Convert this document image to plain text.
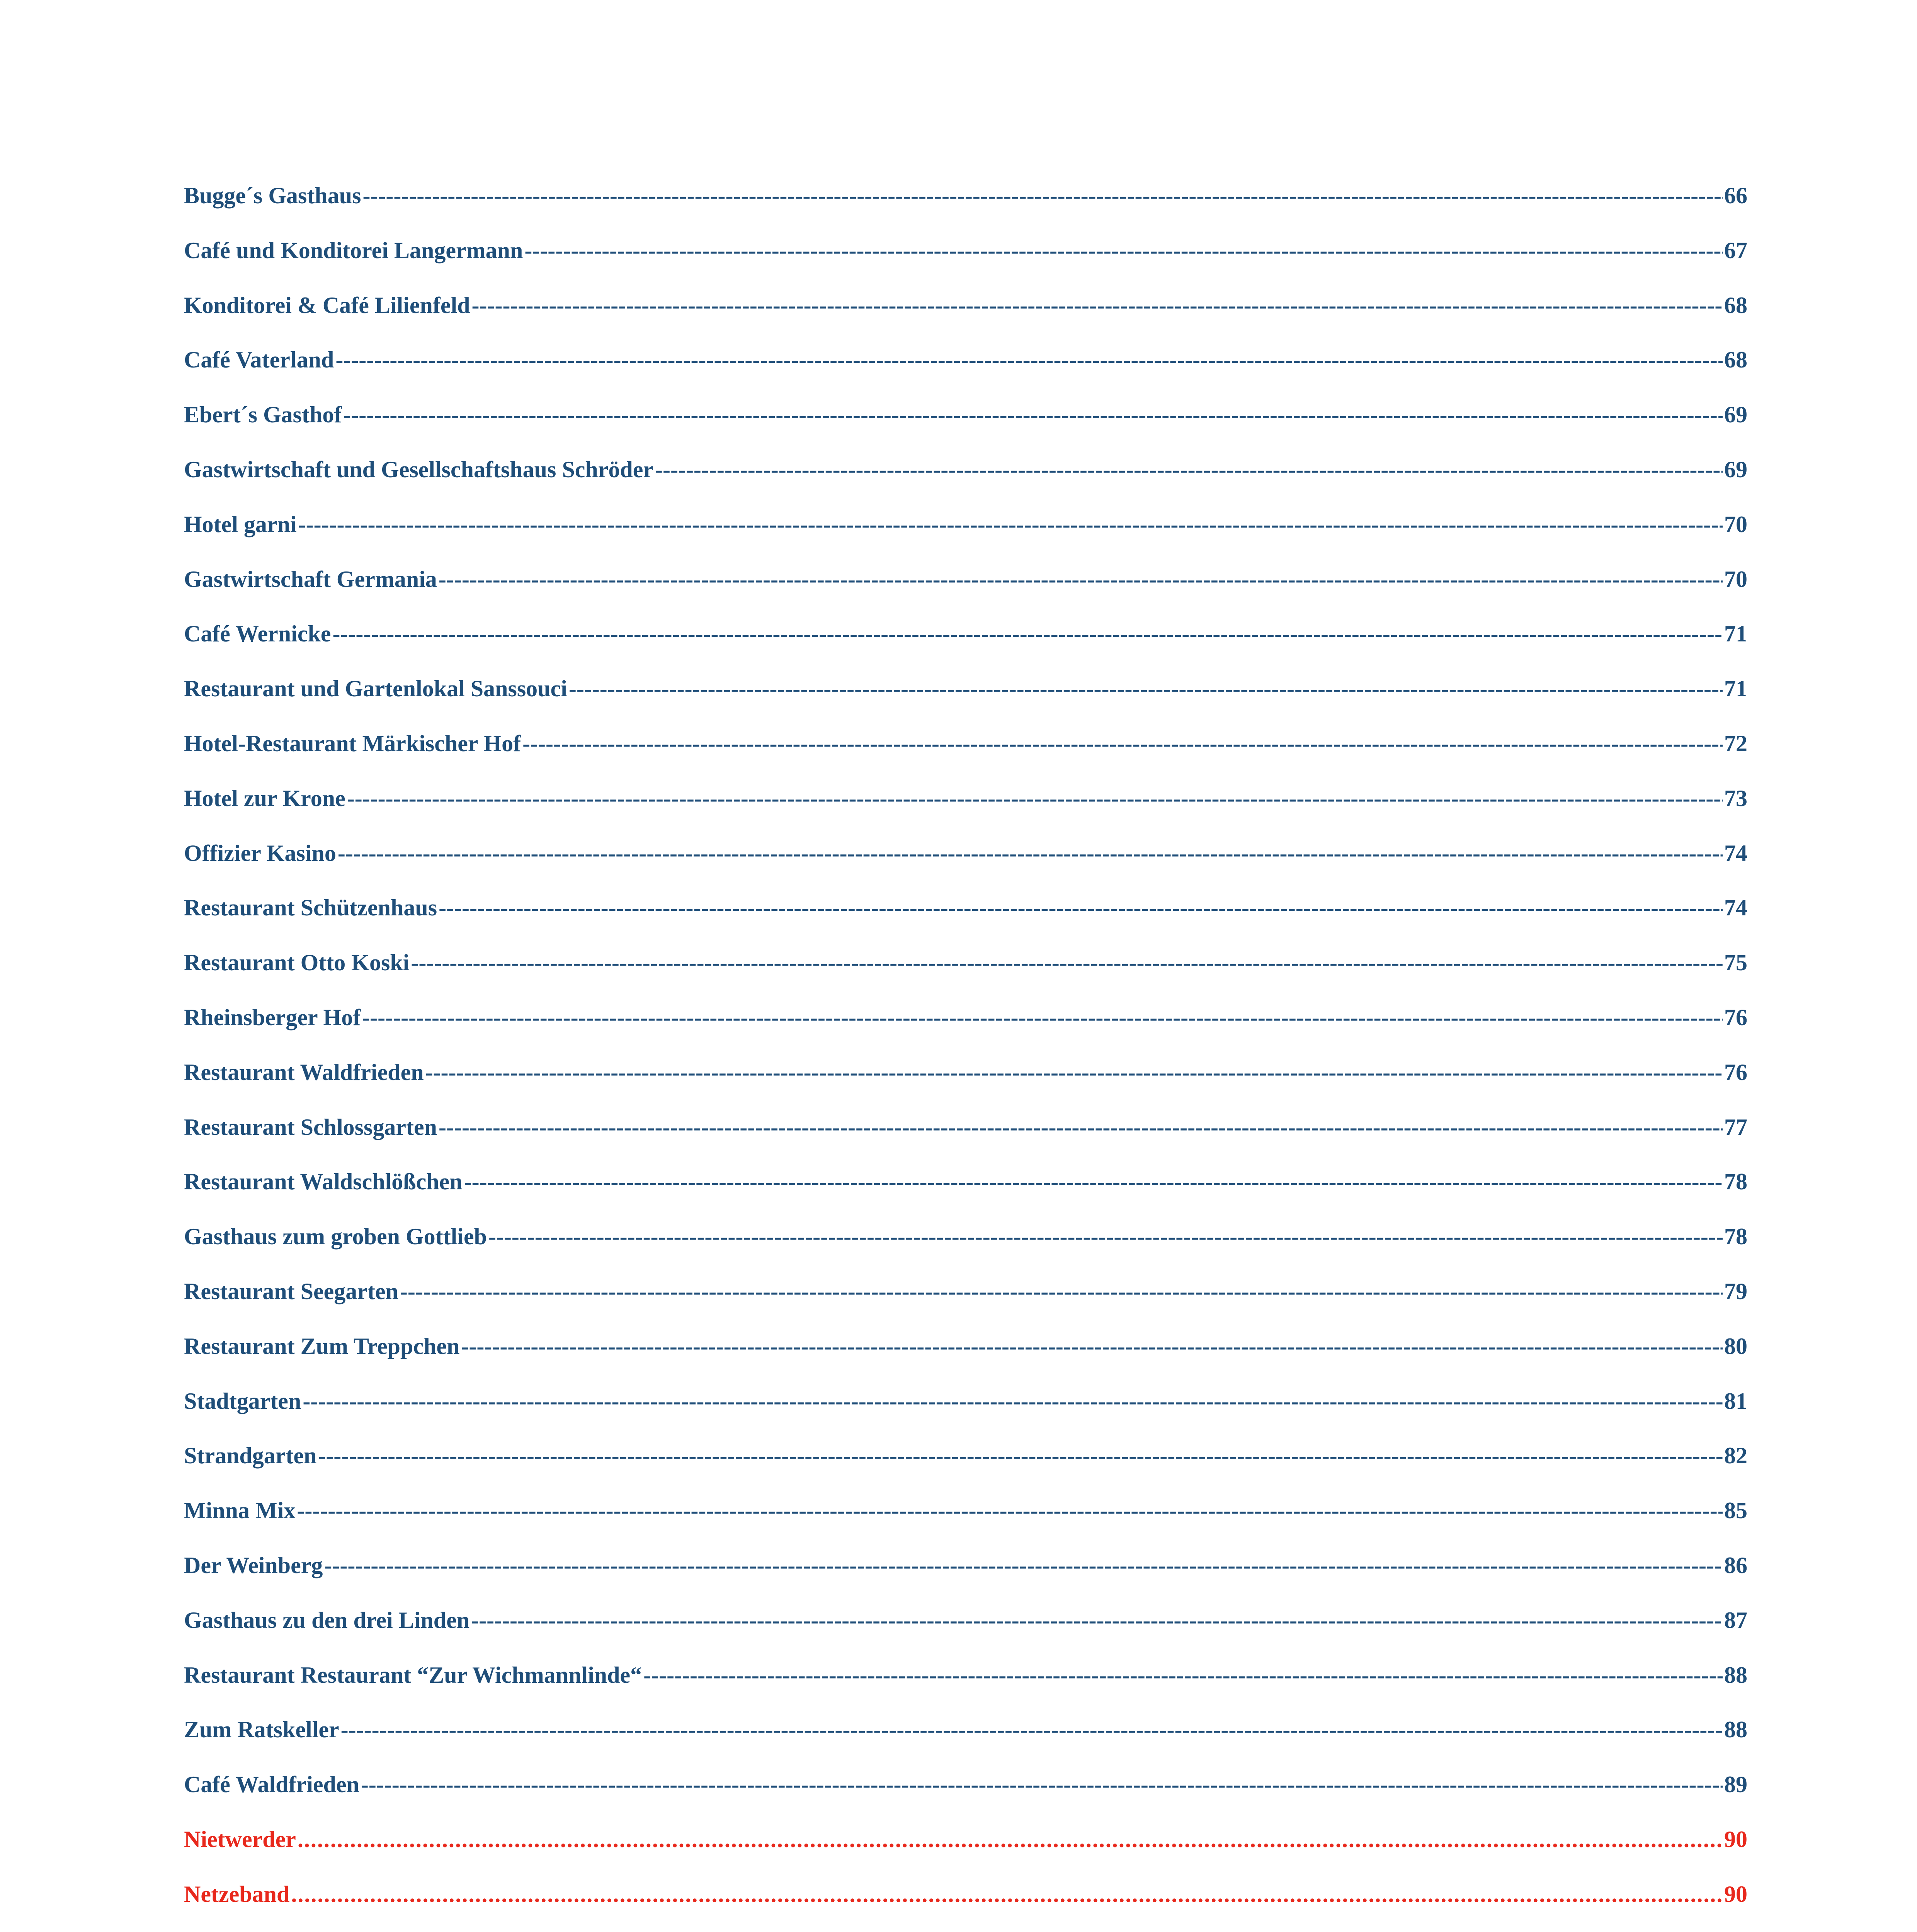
Bugge´s Gasthaus -----	66
Café und Konditorei Langermann -----	67
Konditorei & Café Lilienfeld -----	68
Café Vaterland -----	68
Ebert´s Gasthof -----	69
Gastwirtschaft und Gesellschaftshaus Schröder -----	69
Hotel garni -----	70
Gastwirtschaft Germania -----	70
Café Wernicke -----	71
Restaurant und Gartenlokal Sanssouci -----	71
Hotel-Restaurant Märkischer Hof -----	72
Hotel zur Krone -----	73
Offizier Kasino -----	74
Restaurant Schützenhaus -----	74
Restaurant Otto Koski -----	75
Rheinsberger Hof -----	76
Restaurant Waldfrieden -----	76
Restaurant Schlossgarten -----	77
Restaurant Waldschlößchen -----	78
Gasthaus zum groben Gottlieb -----	78
Restaurant Seegarten -----	79
Restaurant Zum Treppchen -----	80
Stadtgarten -----	81
Strandgarten -----	82
Minna Mix -----	85
Der Weinberg -----	86
Gasthaus zu den drei Linden -----	87
Restaurant Restaurant “Zur Wichmannlinde“ -----	88
Zum Ratskeller -----	88
Café Waldfrieden -----	89
Nietwerder .....	90
Netzeband .....	90
